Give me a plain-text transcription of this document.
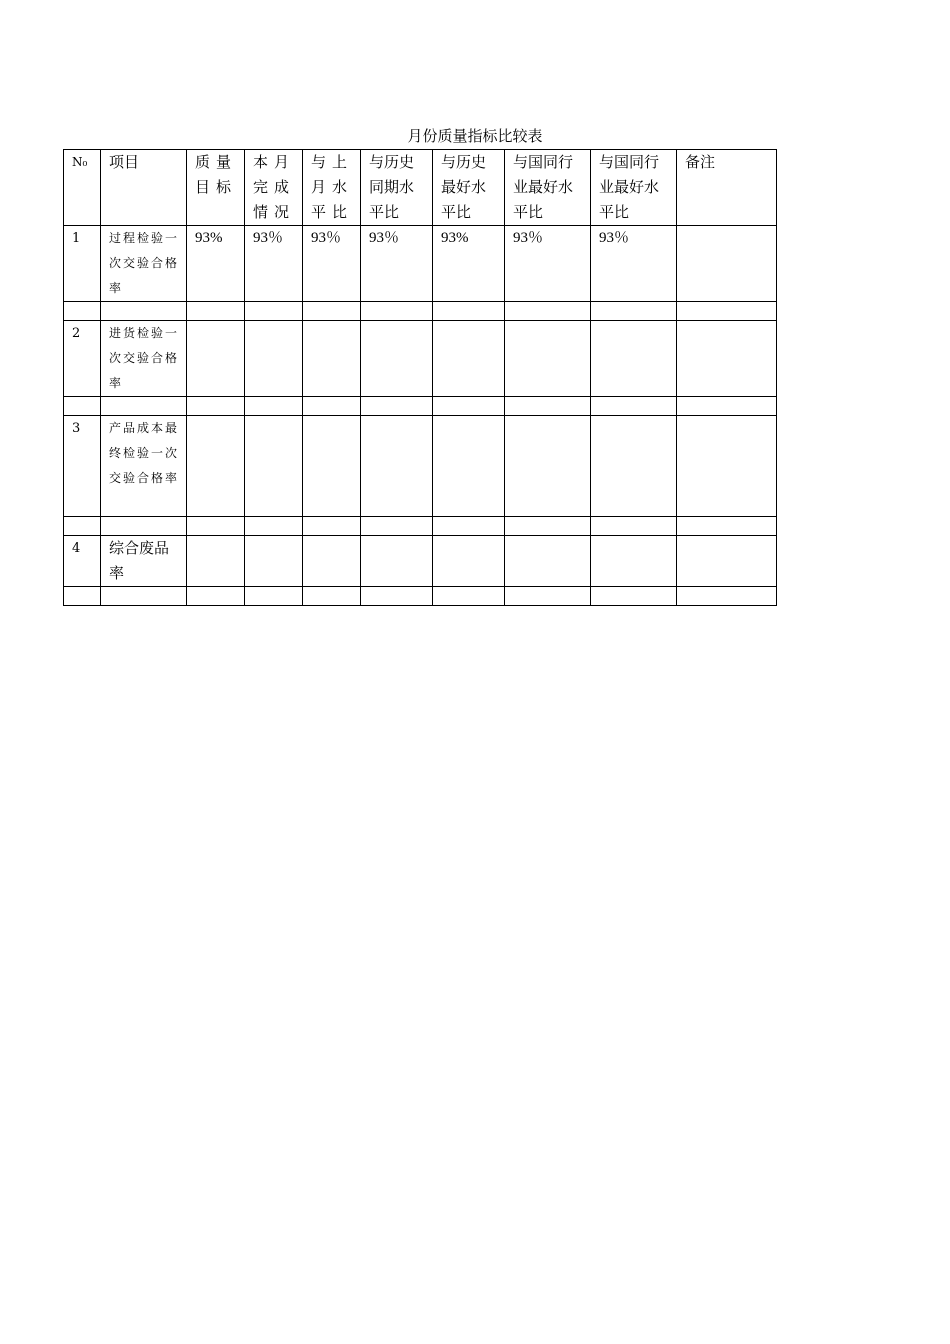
月份质量指标比较表
N₀	项目	质量目标	本月完成情况	与上月水平比	与历史同期水平比	与历史最好水平比	与国同行业最好水平比	与国同行业最好水平比	备注
1	过程检验一次交验合格率	93%	93％	93％	93％	93%	93％	93％	

2	进货检验一次交验合格率								

3	产品成本最终检验一次交验合格率								

4	综合废品率								
